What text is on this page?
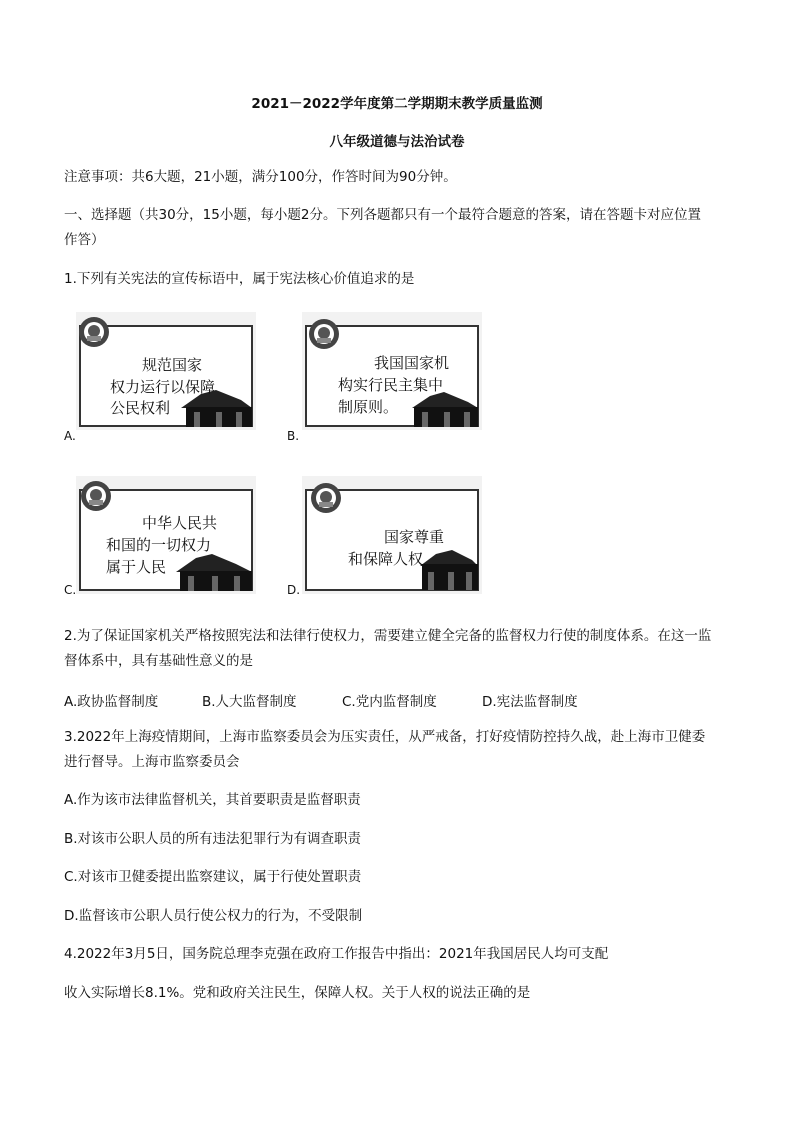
2021－2022学年度第二学期期末教学质量监测
八年级道德与法治试卷
注意事项：共6大题，21小题，满分100分，作答时间为90分钟。
一、选择题（共30分，15小题，每小题2分。下列各题都只有一个最符合题意的答案，请在答题卡对应位置
作答）
1.下列有关宪法的宣传标语中，属于宪法核心价值追求的是
规范国家
权力运行以保障
公民权利
A.
我国国家机
构实行民主集中
制原则。
B.
中华人民共
和国的一切权力
属于人民
C.
国家尊重
和保障人权
D.
2.为了保证国家机关严格按照宪法和法律行使权力，需要建立健全完备的监督权力行使的制度体系。在这一监
督体系中，具有基础性意义的是
A.政协监督制度	B.人大监督制度	C.党内监督制度	D.宪法监督制度
3.2022年上海疫情期间，上海市监察委员会为压实责任，从严戒备，打好疫情防控持久战，赴上海市卫健委
进行督导。上海市监察委员会
A.作为该市法律监督机关，其首要职责是监督职责
B.对该市公职人员的所有违法犯罪行为有调查职责
C.对该市卫健委提出监察建议，属于行使处置职责
D.监督该市公职人员行使公权力的行为，不受限制
4.2022年3月5日，国务院总理李克强在政府工作报告中指出：2021年我国居民人均可支配
收入实际增长8.1%。党和政府关注民生，保障人权。关于人权的说法正确的是
